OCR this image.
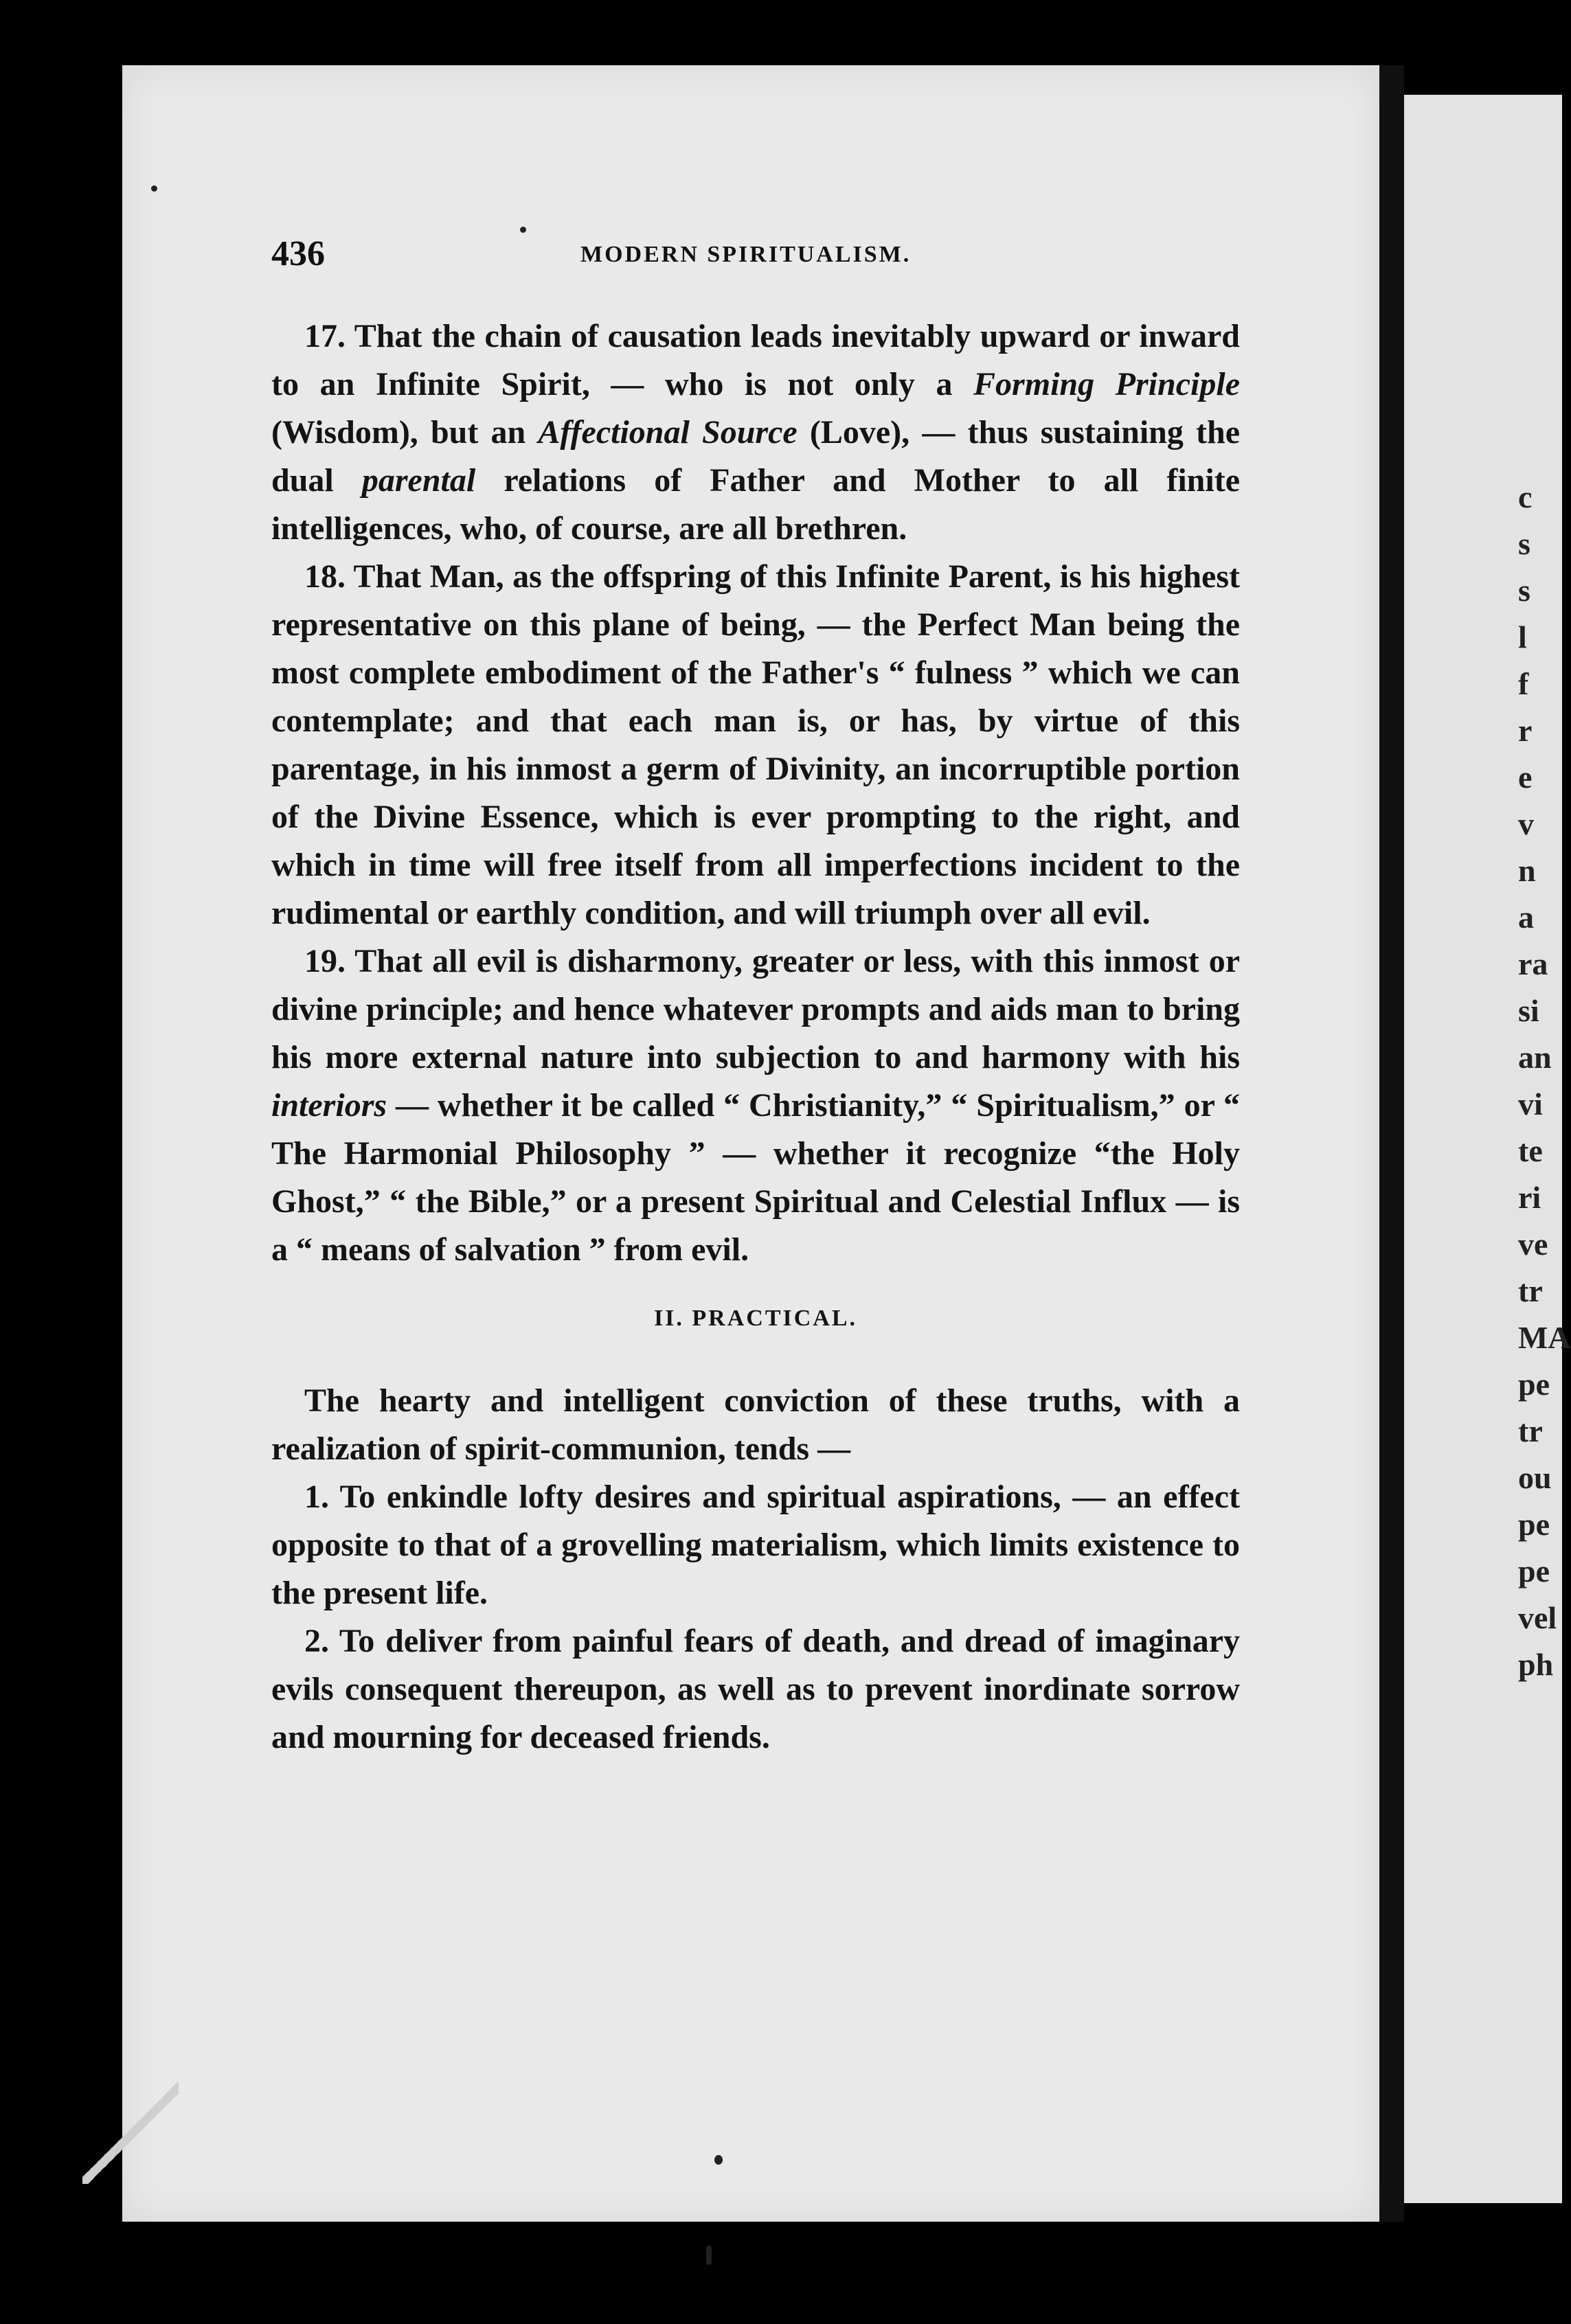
436	MODERN SPIRITUALISM.

17. That the chain of causation leads inevitably upward or inward to an Infinite Spirit, — who is not only a Forming Principle (Wisdom), but an Affectional Source (Love), — thus sustaining the dual parental relations of Father and Mother to all finite intelligences, who, of course, are all brethren.

18. That Man, as the offspring of this Infinite Parent, is his highest representative on this plane of being, — the Perfect Man being the most complete embodiment of the Father's “ fulness ” which we can contemplate; and that each man is, or has, by virtue of this parentage, in his inmost a germ of Divinity, an incorruptible portion of the Divine Essence, which is ever prompting to the right, and which in time will free itself from all imperfections incident to the rudimental or earthly condition, and will triumph over all evil.

19. That all evil is disharmony, greater or less, with this inmost or divine principle; and hence whatever prompts and aids man to bring his more external nature into subjection to and harmony with his interiors — whether it be called “ Christianity,” “ Spiritualism,” or “ The Harmonial Philosophy ” — whether it recognize “the Holy Ghost,” “ the Bible,” or a present Spiritual and Celestial Influx — is a “ means of salvation ” from evil.

II. PRACTICAL.

The hearty and intelligent conviction of these truths, with a realization of spirit-communion, tends —

1. To enkindle lofty desires and spiritual aspirations, — an effect opposite to that of a grovelling materialism, which limits existence to the present life.

2. To deliver from painful fears of death, and dread of imaginary evils consequent thereupon, as well as to prevent inordinate sorrow and mourning for deceased friends.

c
s
s
l
f
r
e
v
n
a
ra
si
an
vi
te
ri
ve
tr
MA
pe
tr
ou
pe
pe
vel
ph
